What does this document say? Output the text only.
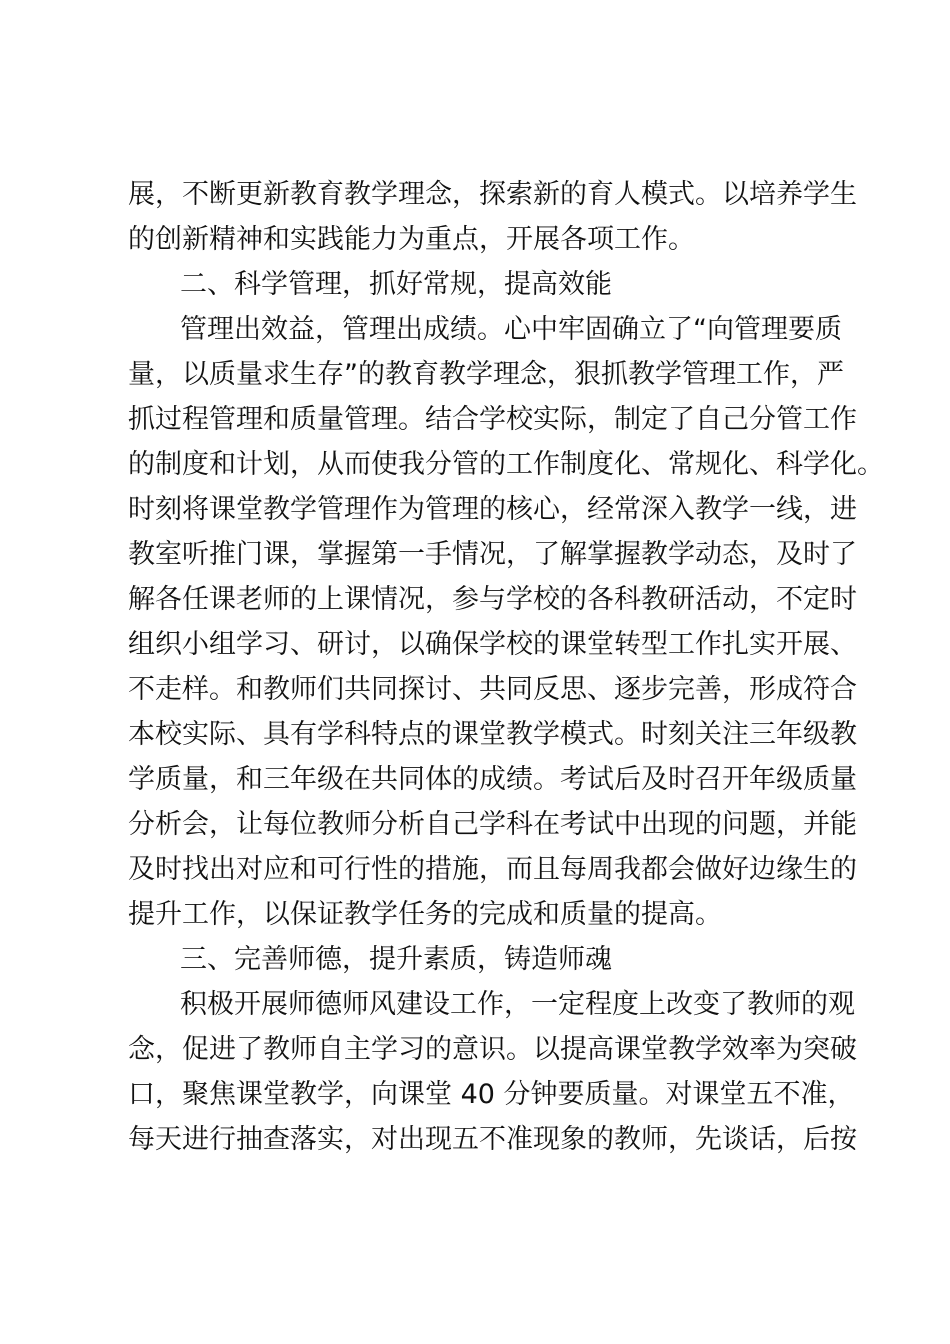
展，不断更新教育教学理念，探索新的育人模式。以培养学生
的创新精神和实践能力为重点，开展各项工作。
二、科学管理，抓好常规，提高效能
管理出效益，管理出成绩。心中牢固确立了“向管理要质
量，以质量求生存”的教育教学理念，狠抓教学管理工作，严
抓过程管理和质量管理。结合学校实际，制定了自己分管工作
的制度和计划，从而使我分管的工作制度化、常规化、科学化。
时刻将课堂教学管理作为管理的核心，经常深入教学一线，进
教室听推门课，掌握第一手情况，了解掌握教学动态，及时了
解各任课老师的上课情况，参与学校的各科教研活动，不定时
组织小组学习、研讨，以确保学校的课堂转型工作扎实开展、
不走样。和教师们共同探讨、共同反思、逐步完善，形成符合
本校实际、具有学科特点的课堂教学模式。时刻关注三年级教
学质量，和三年级在共同体的成绩。考试后及时召开年级质量
分析会，让每位教师分析自己学科在考试中出现的问题，并能
及时找出对应和可行性的措施，而且每周我都会做好边缘生的
提升工作，以保证教学任务的完成和质量的提高。
三、完善师德，提升素质，铸造师魂
积极开展师德师风建设工作，一定程度上改变了教师的观
念，促进了教师自主学习的意识。以提高课堂教学效率为突破
口，聚焦课堂教学，向课堂 40 分钟要质量。对课堂五不准，
每天进行抽查落实，对出现五不准现象的教师，先谈话，后按
